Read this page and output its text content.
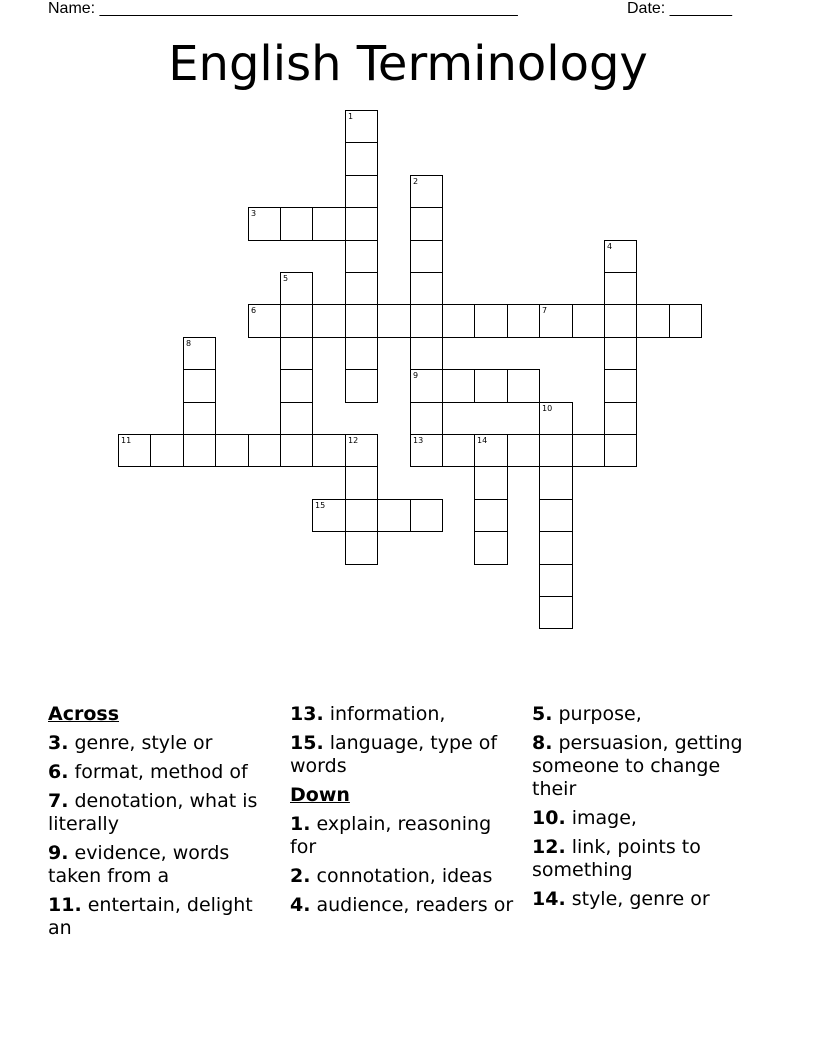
Name: _______________________________________________	Date: _______
English Terminology
1
2
9
13
3
4
5
6	7
8
10
11	12	14
15
Across
3. genre, style or
6. format, method of
7. denotation, what is literally
9. evidence, words taken from a
11. entertain, delight an
13. information,
15. language, type of words
Down
1. explain, reasoning for
2. connotation, ideas
4. audience, readers or
5. purpose,
8. persuasion, getting someone to change their
10. image,
12. link, points to something
14. style, genre or
